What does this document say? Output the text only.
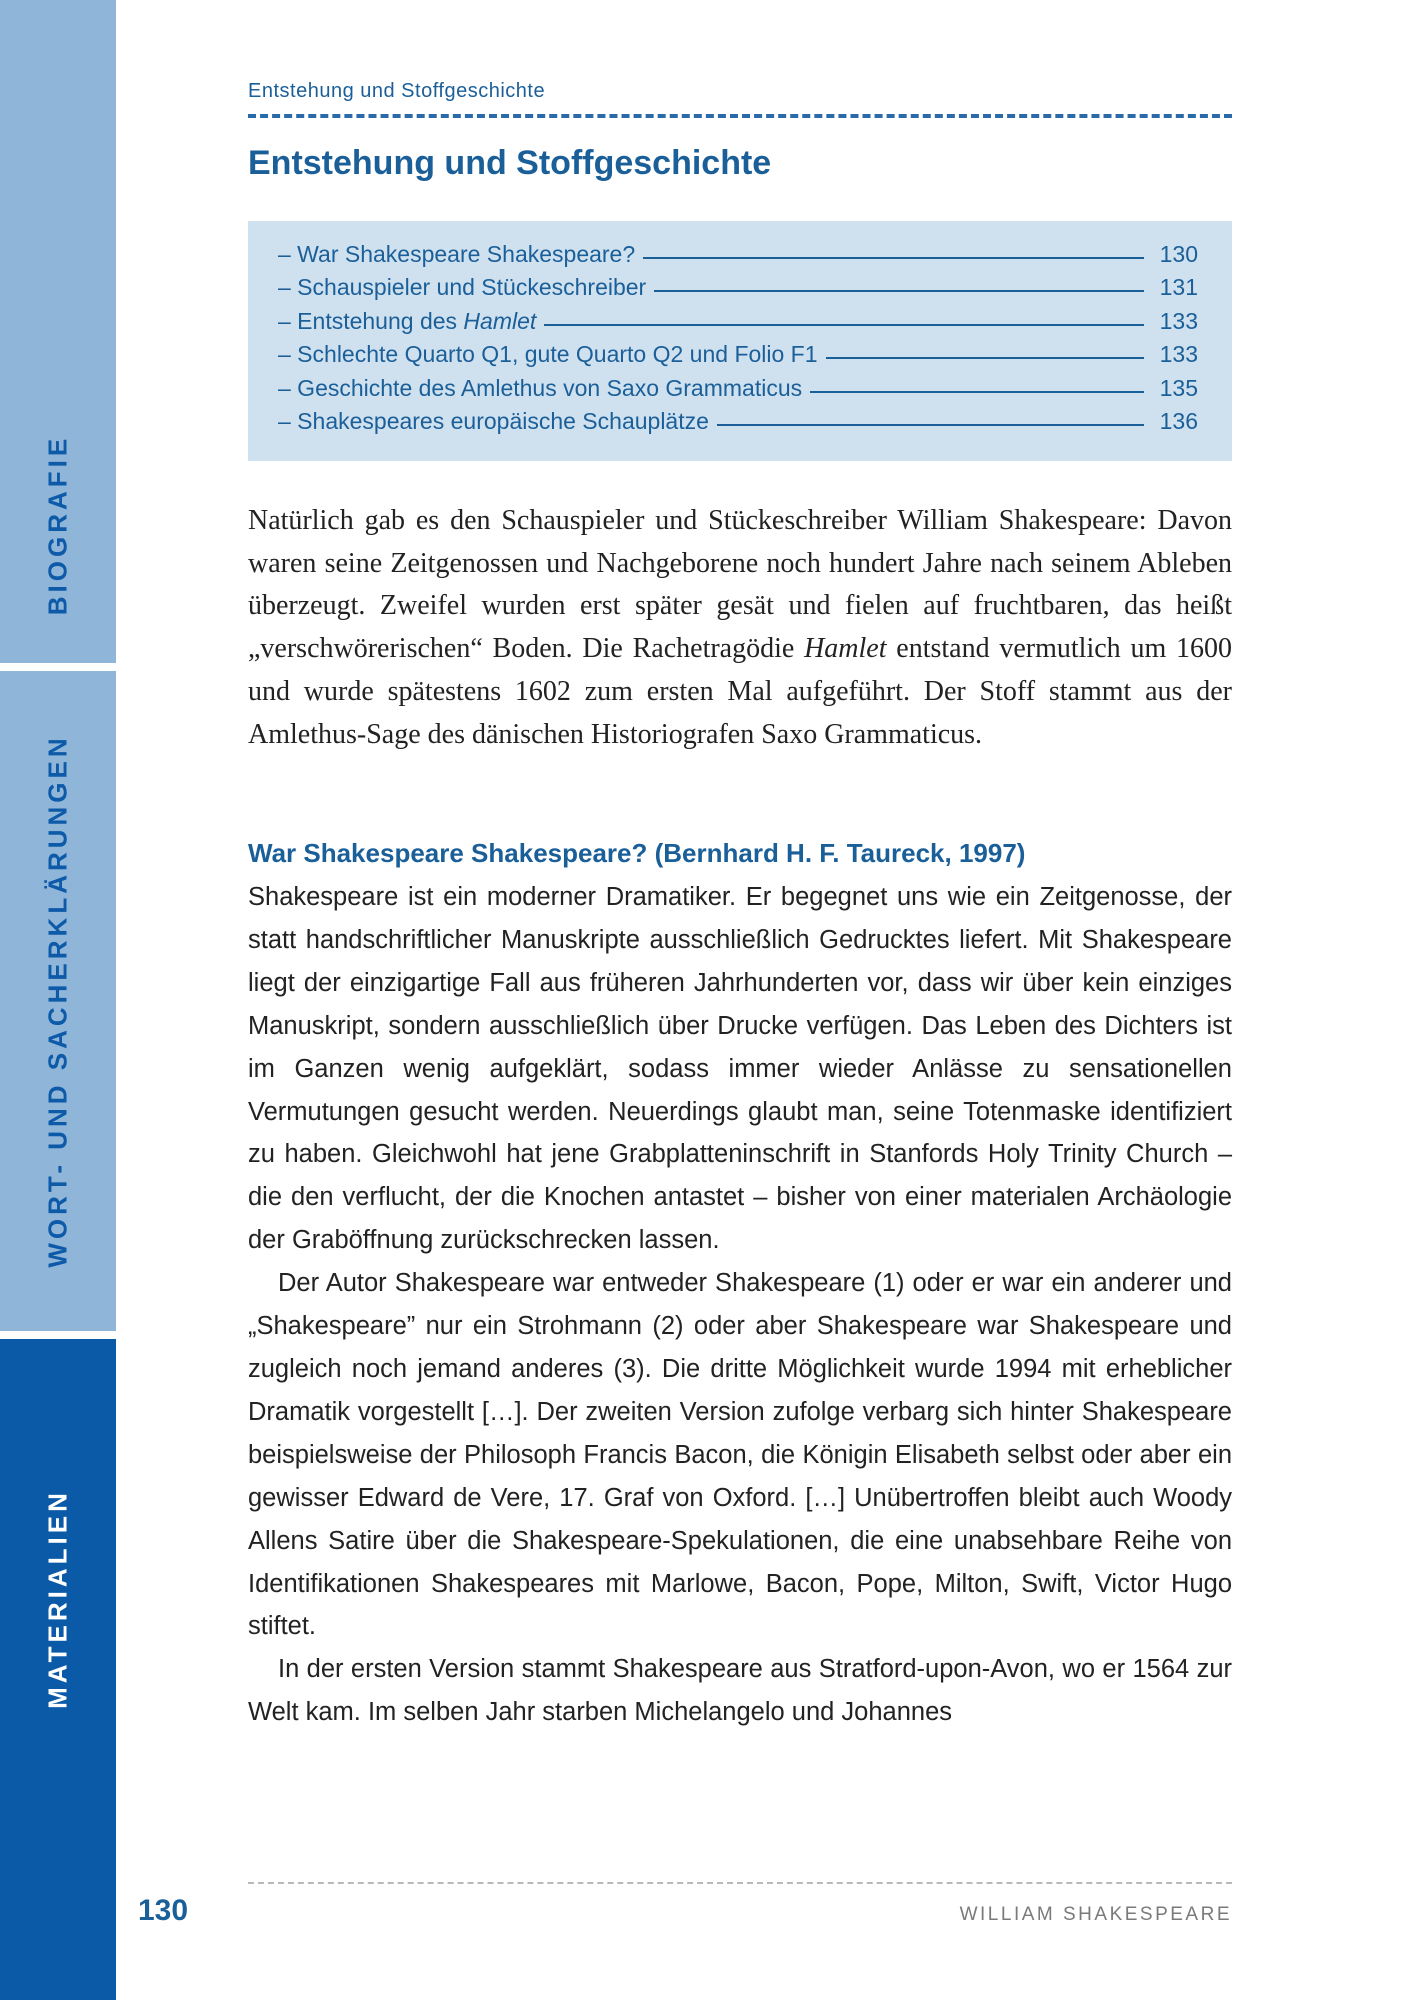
BIOGRAFIE
WORT- UND SACHERKLÄRUNGEN
MATERIALIEN
Entstehung und Stoffgeschichte
Entstehung und Stoffgeschichte
– War Shakespeare Shakespeare?	130
– Schauspieler und Stückeschreiber	131
– Entstehung des Hamlet	133
– Schlechte Quarto Q1, gute Quarto Q2 und Folio F1	133
– Geschichte des Amlethus von Saxo Grammaticus	135
– Shakespeares europäische Schauplätze	136

Natürlich gab es den Schauspieler und Stückeschreiber William Shakespeare: Davon waren seine Zeitgenossen und Nachgeborene noch hundert Jahre nach seinem Ableben überzeugt. Zweifel wurden erst später gesät und fielen auf fruchtbaren, das heißt „verschwörerischen“ Boden. Die Rachetragödie Hamlet entstand vermutlich um 1600 und wurde spätestens 1602 zum ersten Mal aufgeführt. Der Stoff stammt aus der Amlethus-Sage des dänischen Historiografen Saxo Grammaticus.

War Shakespeare Shakespeare? (Bernhard H. F. Taureck, 1997)

Shakespeare ist ein moderner Dramatiker. Er begegnet uns wie ein Zeitgenosse, der statt handschriftlicher Manuskripte ausschließlich Gedrucktes liefert. Mit Shakespeare liegt der einzigartige Fall aus früheren Jahrhunderten vor, dass wir über kein einziges Manuskript, sondern ausschließlich über Drucke verfügen. Das Leben des Dichters ist im Ganzen wenig aufgeklärt, sodass immer wieder Anlässe zu sensationellen Vermutungen gesucht werden. Neuerdings glaubt man, seine Totenmaske identifiziert zu haben. Gleichwohl hat jene Grabplatteninschrift in Stanfords Holy Trinity Church – die den verflucht, der die Knochen antastet – bisher von einer materialen Archäologie der Graböffnung zurückschrecken lassen.

Der Autor Shakespeare war entweder Shakespeare (1) oder er war ein anderer und „Shakespeare” nur ein Strohmann (2) oder aber Shakespeare war Shakespeare und zugleich noch jemand anderes (3). Die dritte Möglichkeit wurde 1994 mit erheblicher Dramatik vorgestellt […]. Der zweiten Version zufolge verbarg sich hinter Shakespeare beispielsweise der Philosoph Francis Bacon, die Königin Elisabeth selbst oder aber ein gewisser Edward de Vere, 17. Graf von Oxford. […] Unübertroffen bleibt auch Woody Allens Satire über die Shakespeare-Spekulationen, die eine unabsehbare Reihe von Identifikationen Shakespeares mit Marlowe, Bacon, Pope, Milton, Swift, Victor Hugo stiftet.

In der ersten Version stammt Shakespeare aus Stratford-upon-Avon, wo er 1564 zur Welt kam. Im selben Jahr starben Michelangelo und Johannes

130	WILLIAM SHAKESPEARE
